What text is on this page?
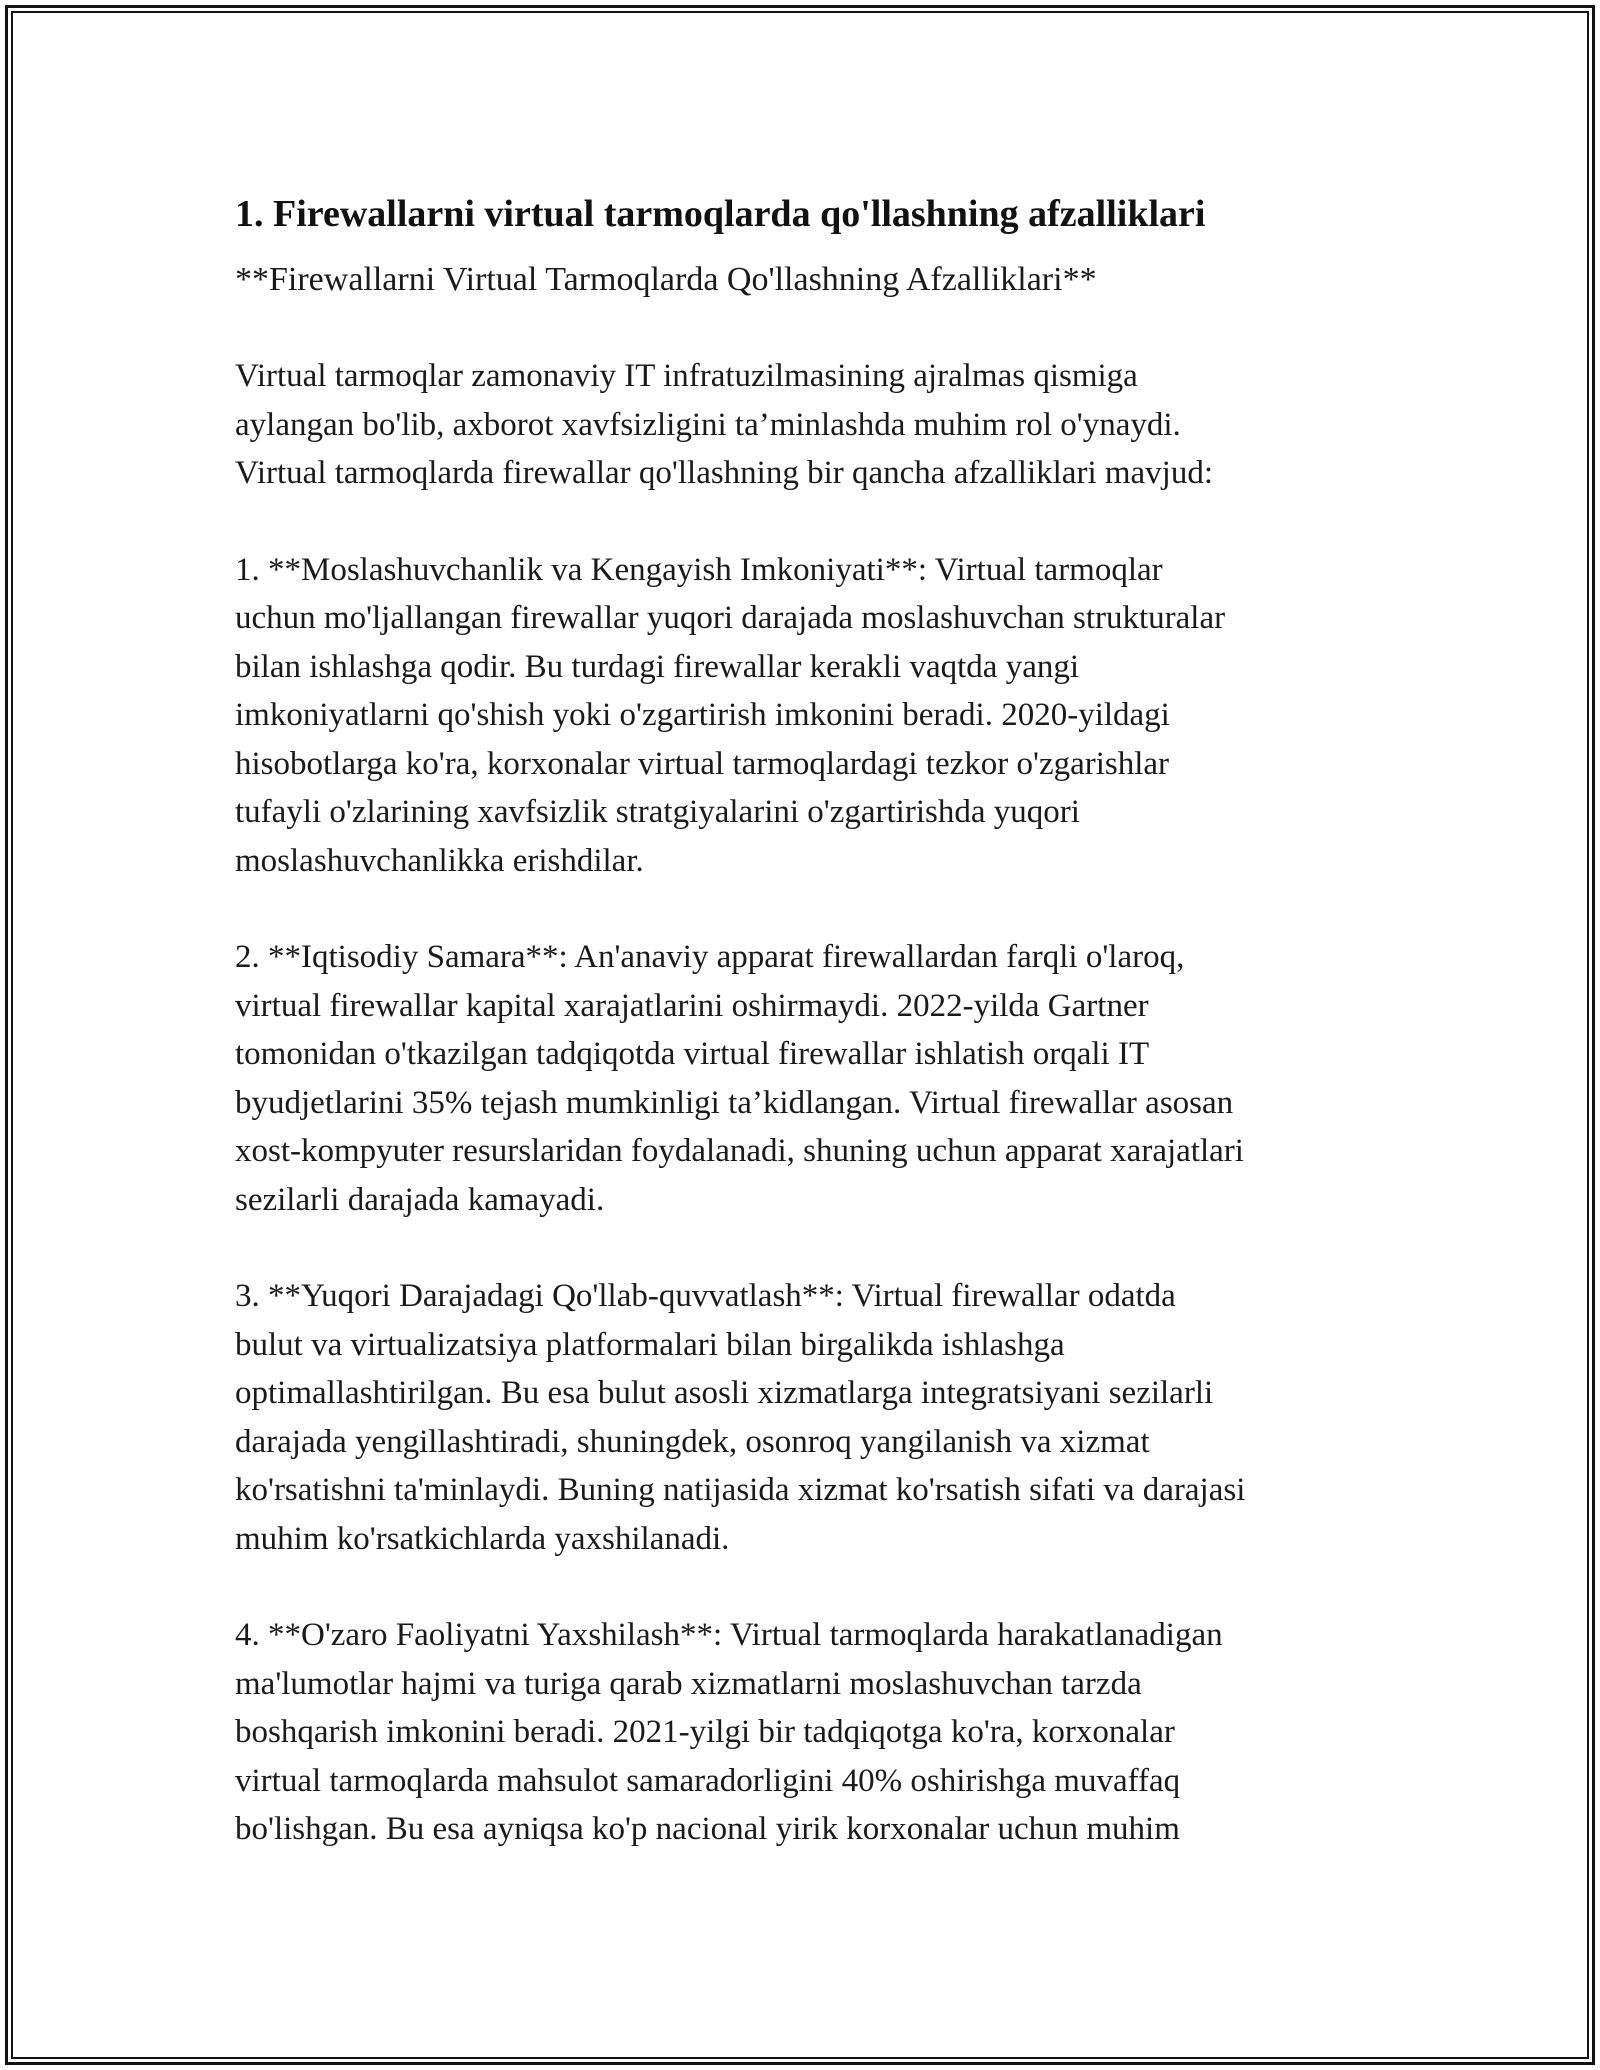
1. Firewallarni virtual tarmoqlarda qo'llashning afzalliklari

**Firewallarni Virtual Tarmoqlarda Qo'llashning Afzalliklari**

Virtual tarmoqlar zamonaviy IT infratuzilmasining ajralmas qismiga
aylangan bo'lib, axborot xavfsizligini ta’minlashda muhim rol o'ynaydi.
Virtual tarmoqlarda firewallar qo'llashning bir qancha afzalliklari mavjud:

1. **Moslashuvchanlik va Kengayish Imkoniyati**: Virtual tarmoqlar
uchun mo'ljallangan firewallar yuqori darajada moslashuvchan strukturalar
bilan ishlashga qodir. Bu turdagi firewallar kerakli vaqtda yangi
imkoniyatlarni qo'shish yoki o'zgartirish imkonini beradi. 2020-yildagi
hisobotlarga ko'ra, korxonalar virtual tarmoqlardagi tezkor o'zgarishlar
tufayli o'zlarining xavfsizlik stratgiyalarini o'zgartirishda yuqori
moslashuvchanlikka erishdilar.

2. **Iqtisodiy Samara**: An'anaviy apparat firewallardan farqli o'laroq,
virtual firewallar kapital xarajatlarini oshirmaydi. 2022-yilda Gartner
tomonidan o'tkazilgan tadqiqotda virtual firewallar ishlatish orqali IT
byudjetlarini 35% tejash mumkinligi ta’kidlangan. Virtual firewallar asosan
xost-kompyuter resurslaridan foydalanadi, shuning uchun apparat xarajatlari
sezilarli darajada kamayadi.

3. **Yuqori Darajadagi Qo'llab-quvvatlash**: Virtual firewallar odatda
bulut va virtualizatsiya platformalari bilan birgalikda ishlashga
optimallashtirilgan. Bu esa bulut asosli xizmatlarga integratsiyani sezilarli
darajada yengillashtiradi, shuningdek, osonroq yangilanish va xizmat
ko'rsatishni ta'minlaydi. Buning natijasida xizmat ko'rsatish sifati va darajasi
muhim ko'rsatkichlarda yaxshilanadi.

4. **O'zaro Faoliyatni Yaxshilash**: Virtual tarmoqlarda harakatlanadigan
ma'lumotlar hajmi va turiga qarab xizmatlarni moslashuvchan tarzda
boshqarish imkonini beradi. 2021-yilgi bir tadqiqotga ko'ra, korxonalar
virtual tarmoqlarda mahsulot samaradorligini 40% oshirishga muvaffaq
bo'lishgan. Bu esa ayniqsa ko'p nacional yirik korxonalar uchun muhim
